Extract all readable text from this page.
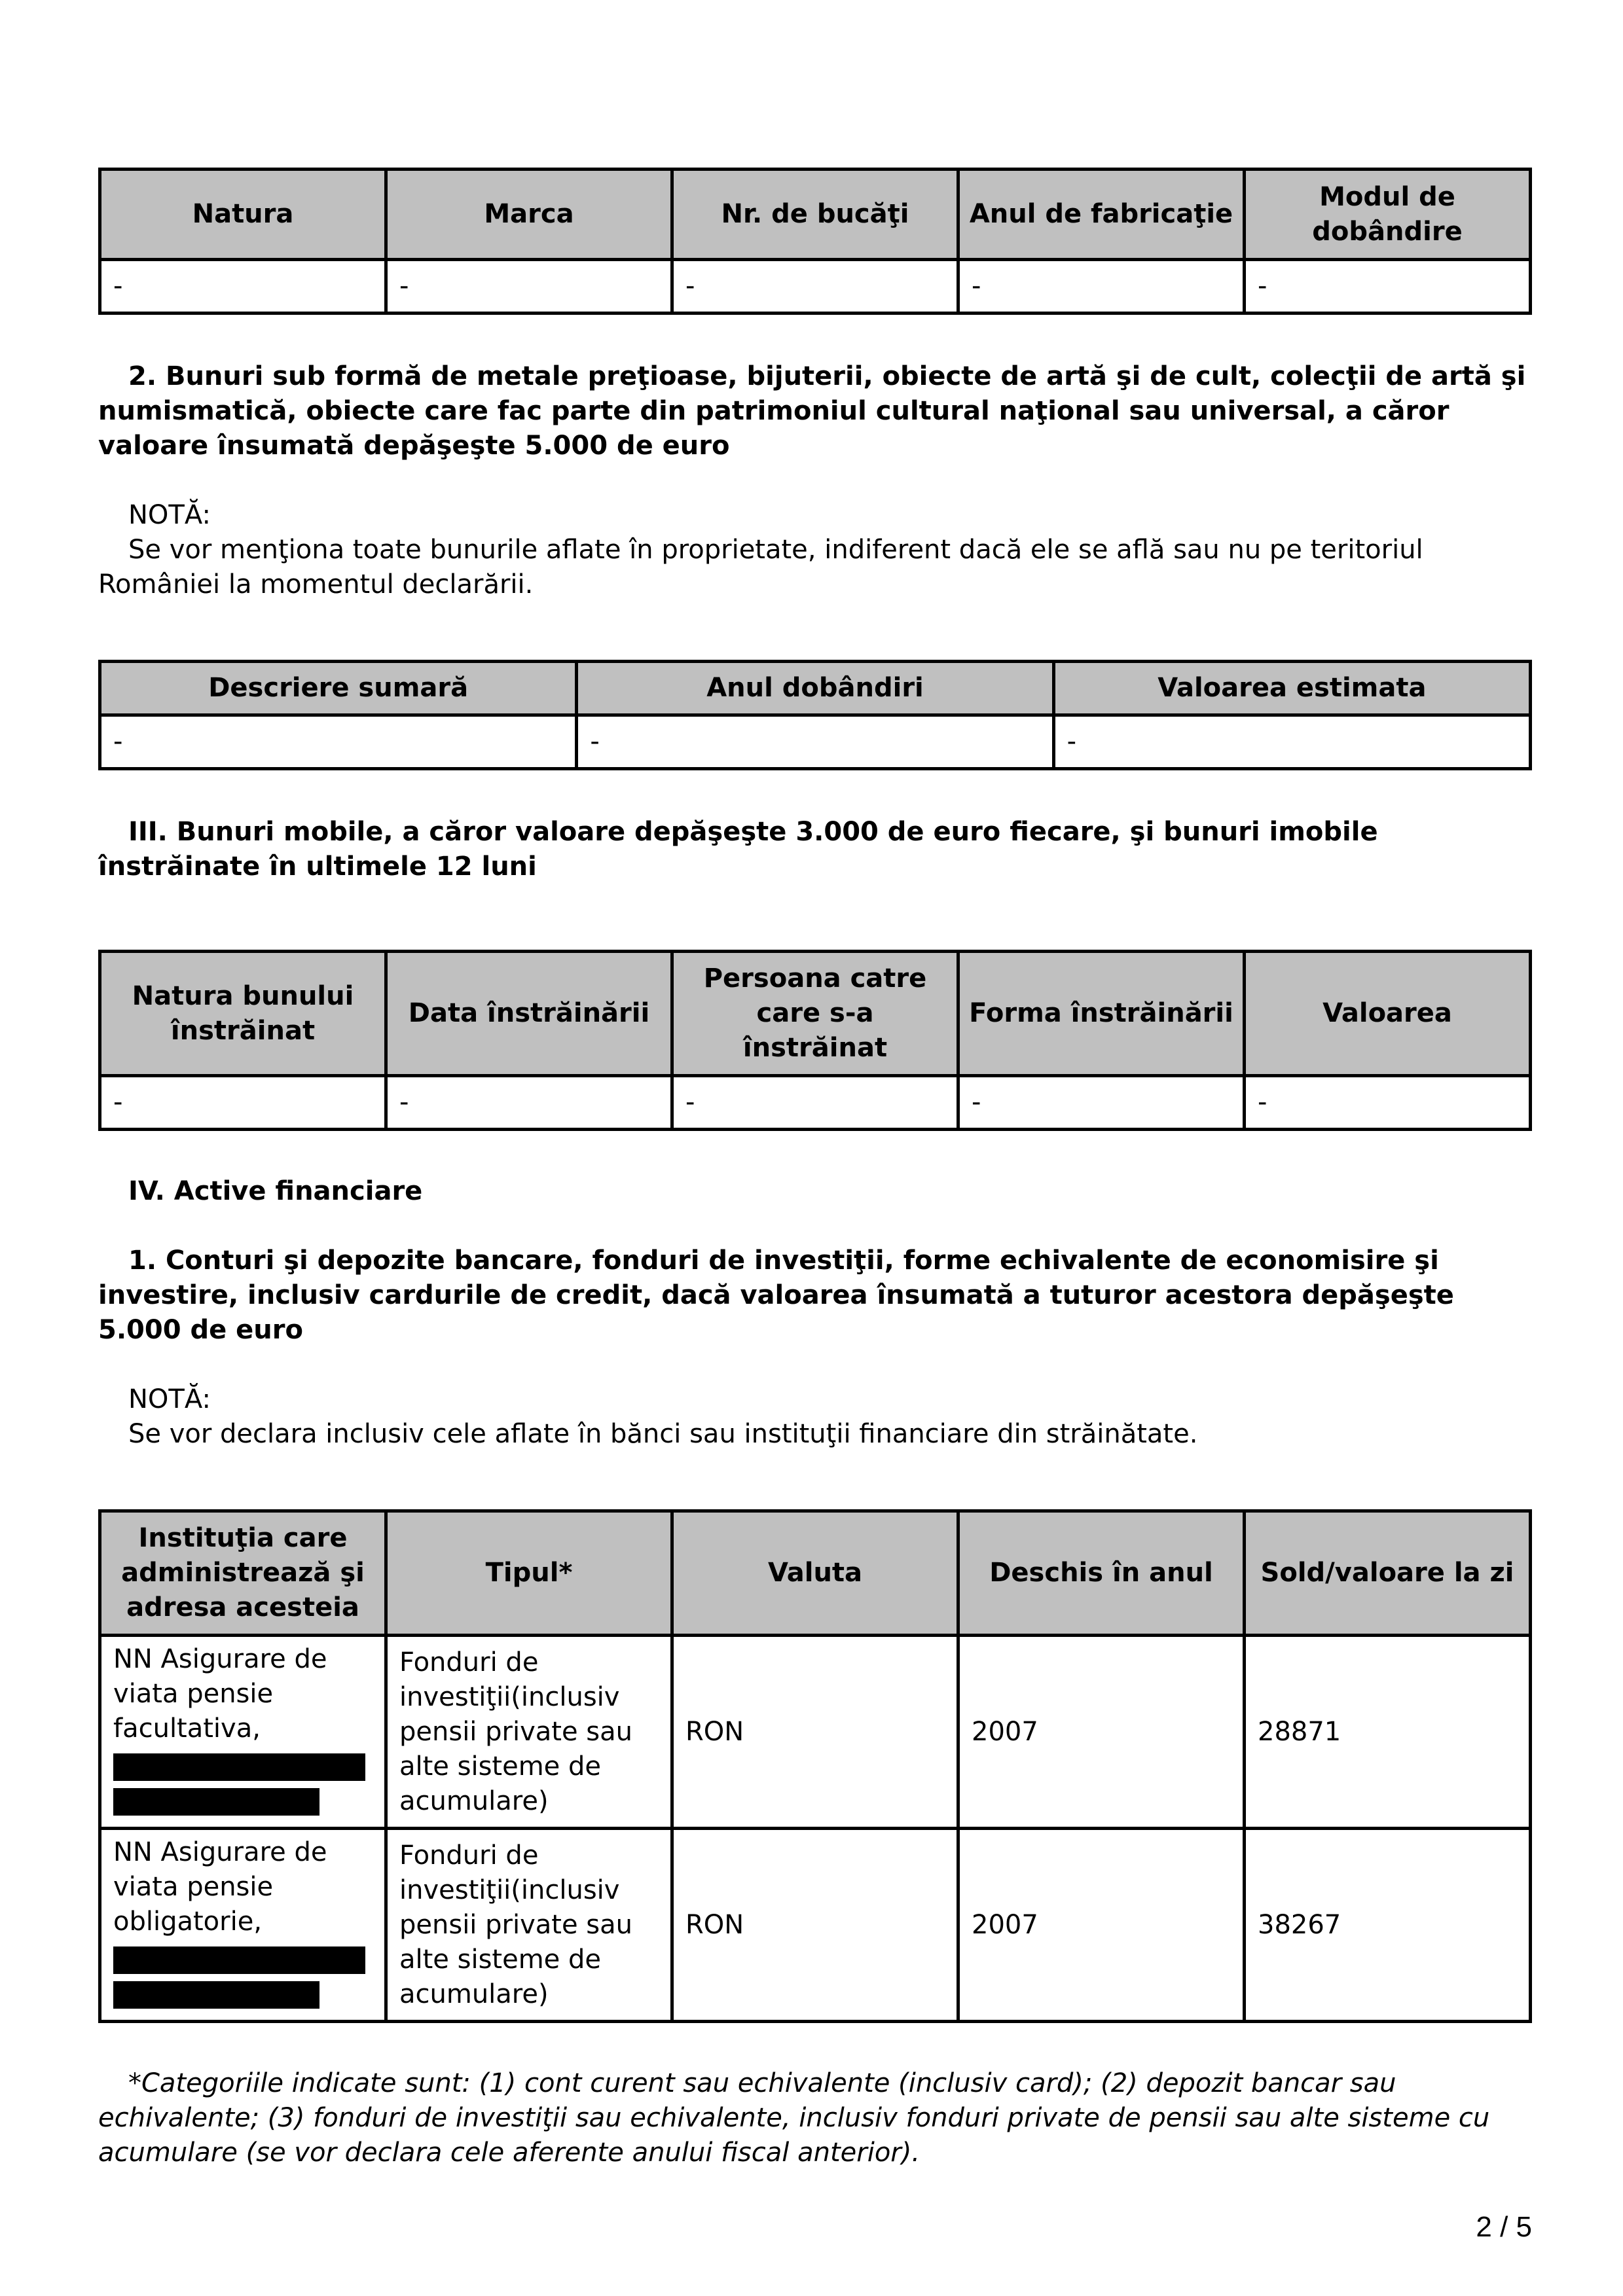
Natura	Marca	Nr. de bucăţi	Anul de fabricaţie	Modul de dobândire
-	-	-	-	-

2. Bunuri sub formă de metale preţioase, bijuterii, obiecte de artă şi de cult, colecţii de artă şi numismatică, obiecte care fac parte din patrimoniul cultural naţional sau universal, a căror valoare însumată depăşeşte 5.000 de euro

NOTĂ:

Se vor menţiona toate bunurile aflate în proprietate, indiferent dacă ele se află sau nu pe teritoriul României la momentul declarării.

Descriere sumară	Anul dobândiri	Valoarea estimata
-	-	-

III. Bunuri mobile, a căror valoare depăşeşte 3.000 de euro fiecare, şi bunuri imobile înstrăinate în ultimele 12 luni

Natura bunului înstrăinat	Data înstrăinării	Persoana catre care s-a înstrăinat	Forma înstrăinării	Valoarea
-	-	-	-	-

IV. Active financiare

1. Conturi şi depozite bancare, fonduri de investiţii, forme echivalente de economisire şi investire, inclusiv cardurile de credit, dacă valoarea însumată a tuturor acestora depăşeşte 5.000 de euro

NOTĂ:

Se vor declara inclusiv cele aflate în bănci sau instituţii financiare din străinătate.

Instituţia care administrează şi adresa acesteia	Tipul*	Valuta	Deschis în anul	Sold/valoare la zi
NN Asigurare de viata pensie facultativa,	Fonduri de investiţii(inclusiv pensii private sau alte sisteme de acumulare)	RON	2007	28871
NN Asigurare de viata pensie obligatorie,	Fonduri de investiţii(inclusiv pensii private sau alte sisteme de acumulare)	RON	2007	38267

*Categoriile indicate sunt: (1) cont curent sau echivalente (inclusiv card); (2) depozit bancar sau echivalente; (3) fonduri de investiţii sau echivalente, inclusiv fonduri private de pensii sau alte sisteme cu acumulare (se vor declara cele aferente anului fiscal anterior).

2 / 5
